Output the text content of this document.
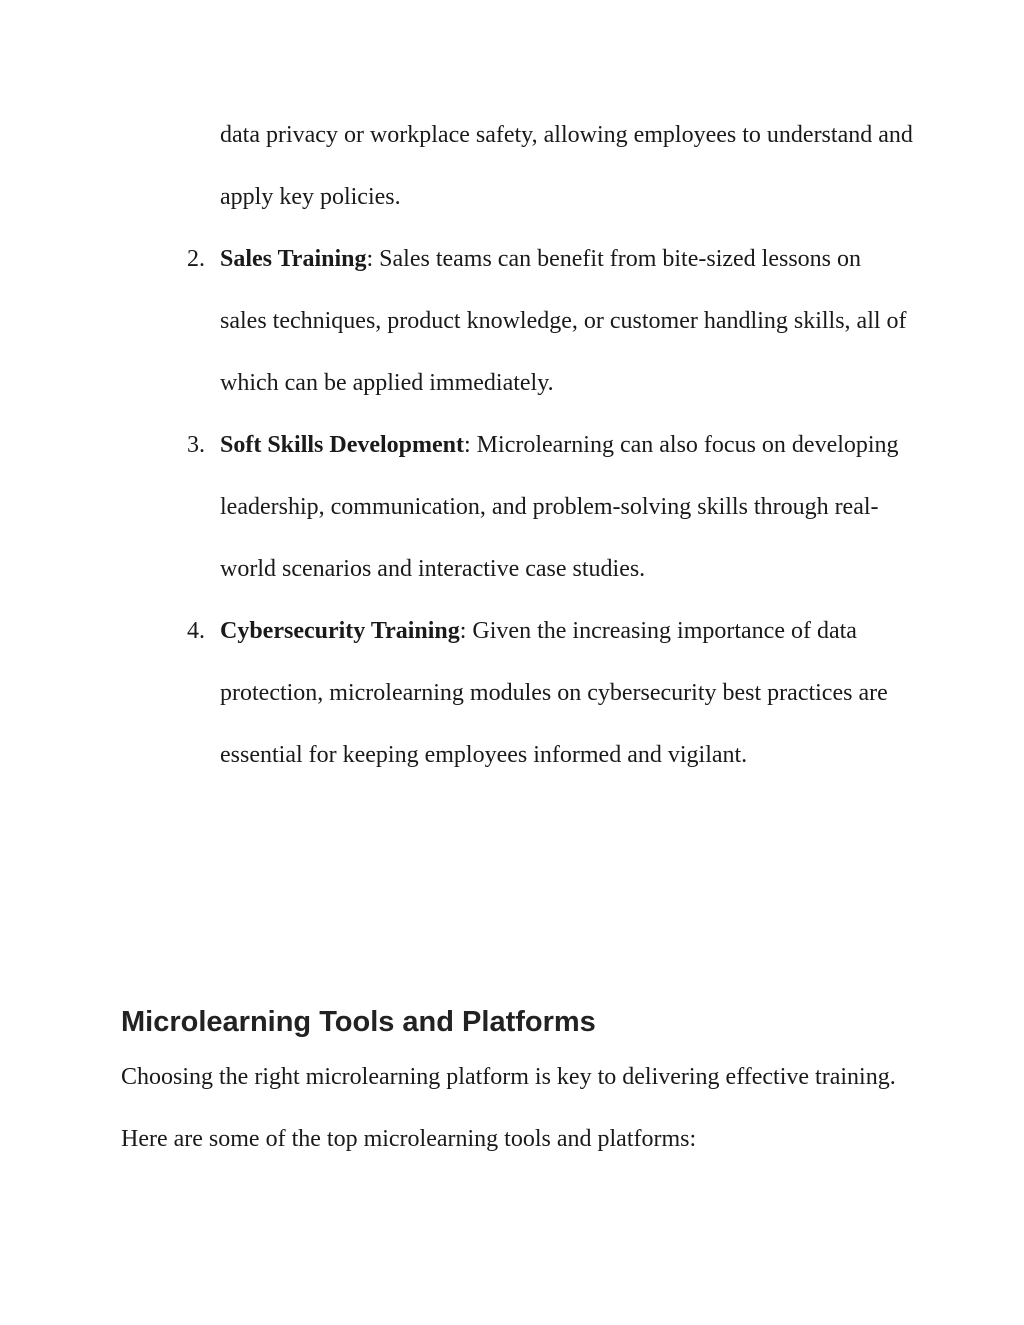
data privacy or workplace safety, allowing employees to understand and apply key policies.

2. Sales Training: Sales teams can benefit from bite-sized lessons on sales techniques, product knowledge, or customer handling skills, all of which can be applied immediately.
3. Soft Skills Development: Microlearning can also focus on developing leadership, communication, and problem-solving skills through real-world scenarios and interactive case studies.
4. Cybersecurity Training: Given the increasing importance of data protection, microlearning modules on cybersecurity best practices are essential for keeping employees informed and vigilant.
Microlearning Tools and Platforms

Choosing the right microlearning platform is key to delivering effective training. Here are some of the top microlearning tools and platforms:
